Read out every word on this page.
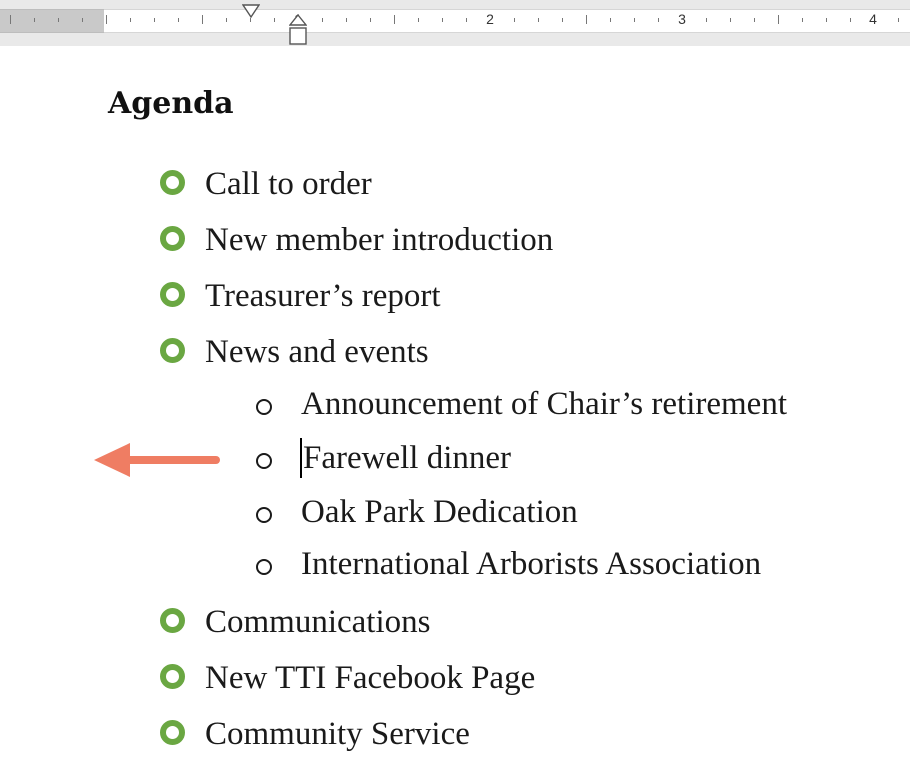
2	3	4
Agenda
Call to order
New member introduction
Treasurer’s report
News and events
Announcement of Chair’s retirement
Farewell dinner
Oak Park Dedication
International Arborists Association
Communications
New TTI Facebook Page
Community Service
